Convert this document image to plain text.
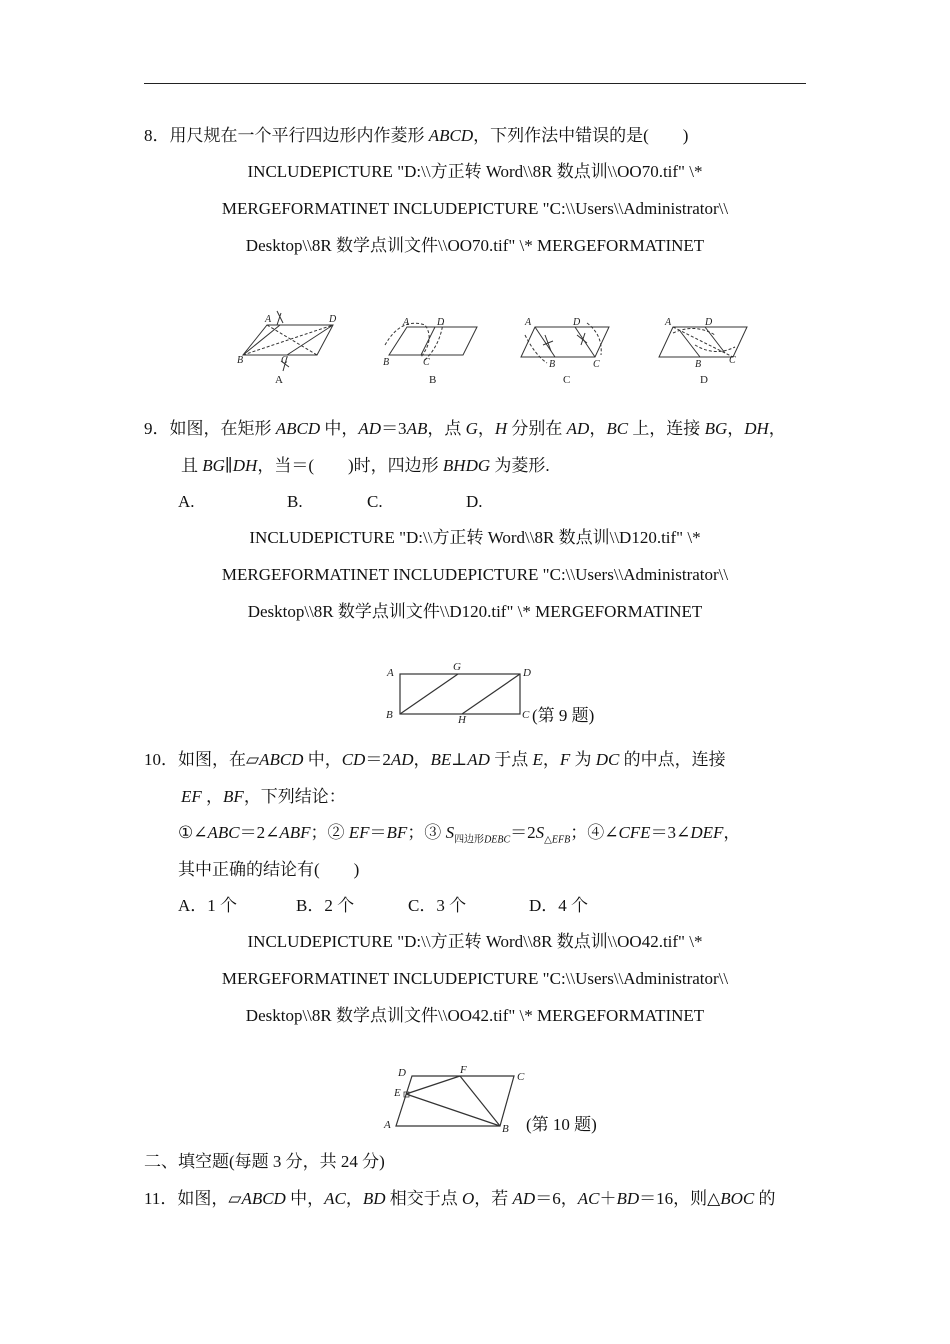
8．用尺规在一个平行四边形内作菱形 ABCD，下列作法中错误的是(　　)
INCLUDEPICTURE "D:\\方正转 Word\\8R 数点训\\OO70.tif" \*
MERGEFORMATINET INCLUDEPICTURE "C:\\Users\\Administrator\\
Desktop\\8R 数学点训文件\\OO70.tif" \* MERGEFORMATINET
A	D
B	C
A	D
B	C
A	D
B	C
A	D
B	C
A	B	C	D
9．如图，在矩形 ABCD 中，AD＝3AB，点 G，H 分别在 AD，BC 上，连接 BG，DH，
且 BG∥DH，当＝(　　)时，四边形 BHDG 为菱形.
A.	B.	C.	D.
INCLUDEPICTURE "D:\\方正转 Word\\8R 数点训\\D120.tif" \*
MERGEFORMATINET INCLUDEPICTURE "C:\\Users\\Administrator\\
Desktop\\8R 数学点训文件\\D120.tif" \* MERGEFORMATINET
A	G	D
B	H	C (第 9 题)
10．如图，在▱ABCD 中，CD＝2AD，BE⊥AD 于点 E，F 为 DC 的中点，连接
EF ，BF，下列结论：
①∠ABC＝2∠ABF；② EF＝BF；③ $S_{四边形DEBC}=2S_{\triangle EFB}$；④∠CFE＝3∠DEF，
其中正确的结论有(　　)
A．1 个	B．2 个	C．3 个	D．4 个
INCLUDEPICTURE "D:\\方正转 Word\\8R 数点训\\OO42.tif" \*
MERGEFORMATINET INCLUDEPICTURE "C:\\Users\\Administrator\\
Desktop\\8R 数学点训文件\\OO42.tif" \* MERGEFORMATINET
D	F
C
E
A	B (第 10 题)
二、填空题(每题 3 分，共 24 分)
11．如图，▱ABCD 中，AC，BD 相交于点 O，若 AD＝6，AC＋BD＝16，则△BOC 的
